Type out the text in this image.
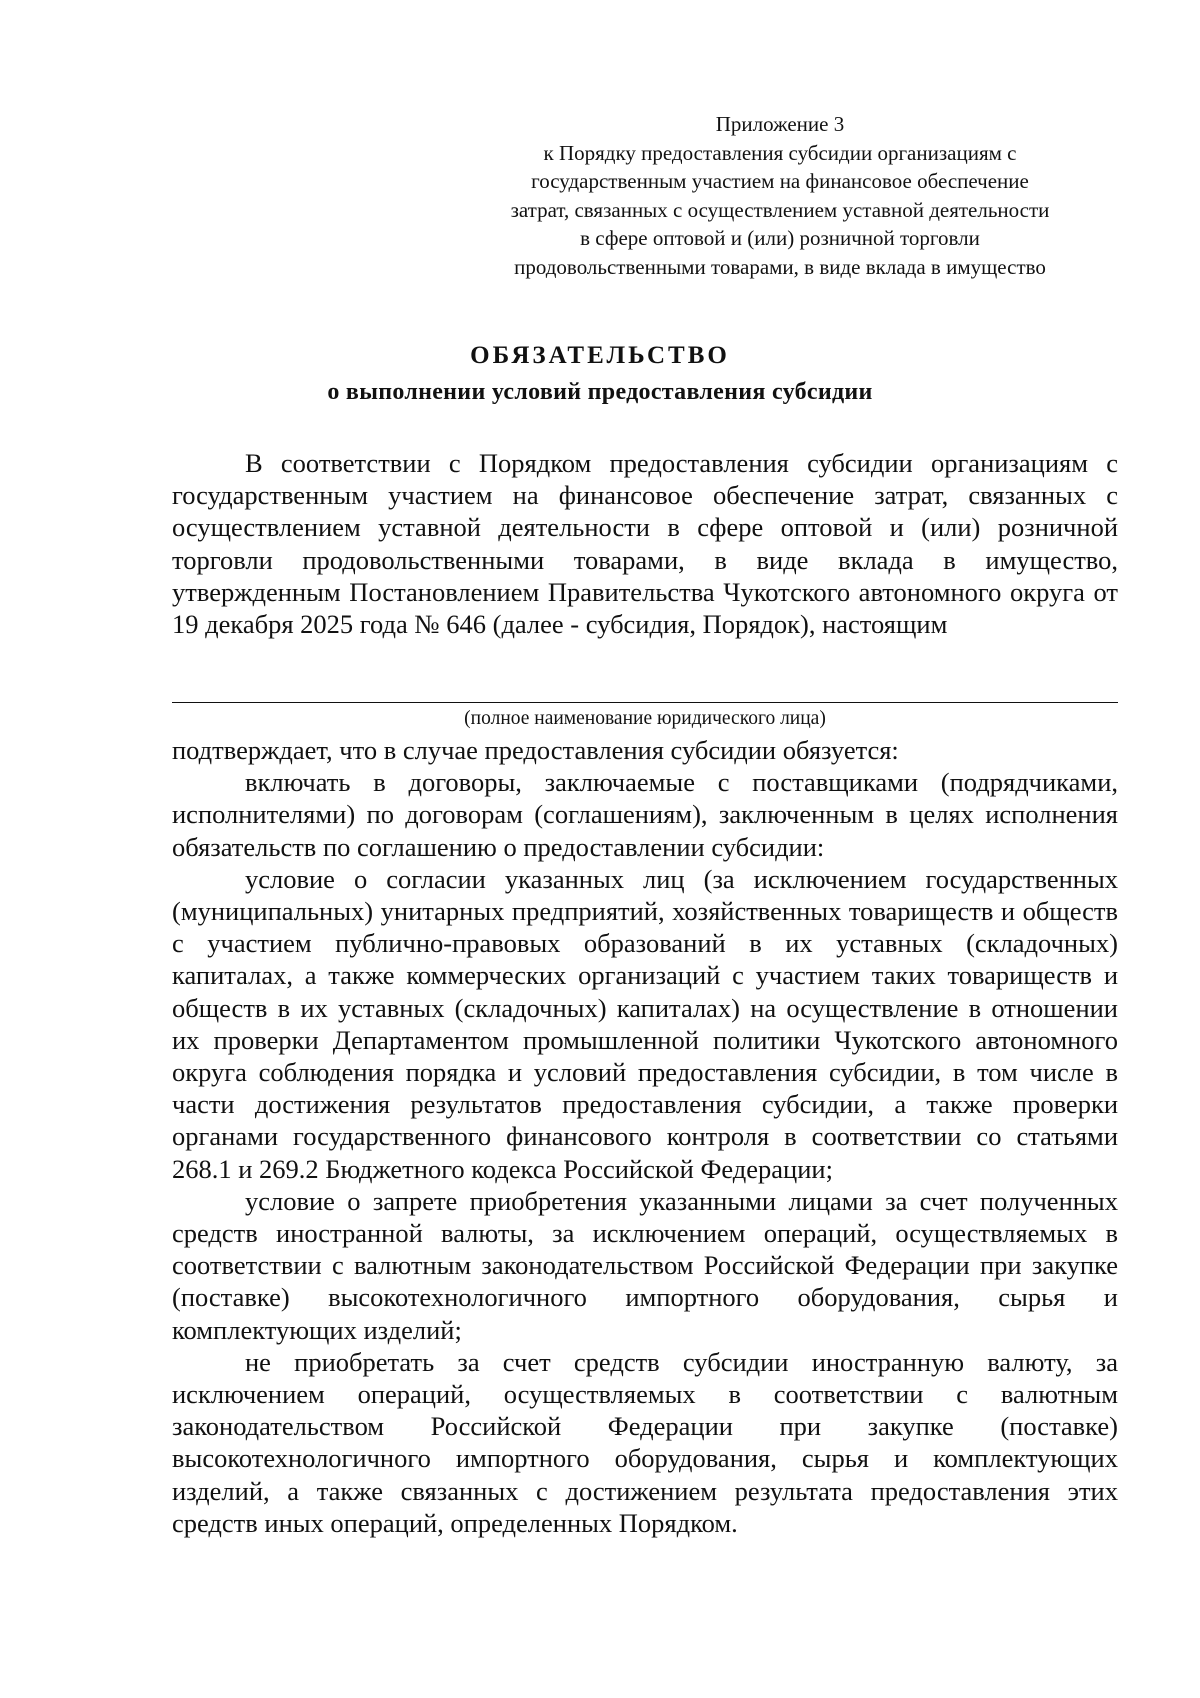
Приложение 3
к Порядку предоставления субсидии организациям с
государственным участием на финансовое обеспечение
затрат, связанных с осуществлением уставной деятельности
в сфере оптовой и (или) розничной торговли
продовольственными товарами, в виде вклада в имущество
ОБЯЗАТЕЛЬСТВО
о выполнении условий предоставления субсидии

В соответствии с Порядком предоставления субсидии организациям с государственным участием на финансовое обеспечение затрат, связанных с осуществлением уставной деятельности в сфере оптовой и (или) розничной торговли продовольственными товарами, в виде вклада в имущество, утвержденным Постановлением Правительства Чукотского автономного округа от 19 декабря 2025 года № 646 (далее - субсидия, Порядок), настоящим

(полное наименование юридического лица)

подтверждает, что в случае предоставления субсидии обязуется:

включать в договоры, заключаемые с поставщиками (подрядчиками, исполнителями) по договорам (соглашениям), заключенным в целях исполнения обязательств по соглашению о предоставлении субсидии:

условие о согласии указанных лиц (за исключением государственных (муниципальных) унитарных предприятий, хозяйственных товариществ и обществ с участием публично-правовых образований в их уставных (складочных) капиталах, а также коммерческих организаций с участием таких товариществ и обществ в их уставных (складочных) капиталах) на осуществление в отношении их проверки Департаментом промышленной политики Чукотского автономного округа соблюдения порядка и условий предоставления субсидии, в том числе в части достижения результатов предоставления субсидии, а также проверки органами государственного финансового контроля в соответствии со статьями 268.1 и 269.2 Бюджетного кодекса Российской Федерации;

условие о запрете приобретения указанными лицами за счет полученных средств иностранной валюты, за исключением операций, осуществляемых в соответствии с валютным законодательством Российской Федерации при закупке (поставке) высокотехнологичного импортного оборудования, сырья и комплектующих изделий;

не приобретать за счет средств субсидии иностранную валюту, за исключением операций, осуществляемых в соответствии с валютным законодательством Российской Федерации при закупке (поставке) высокотехнологичного импортного оборудования, сырья и комплектующих изделий, а также связанных с достижением результата предоставления этих средств иных операций, определенных Порядком.
